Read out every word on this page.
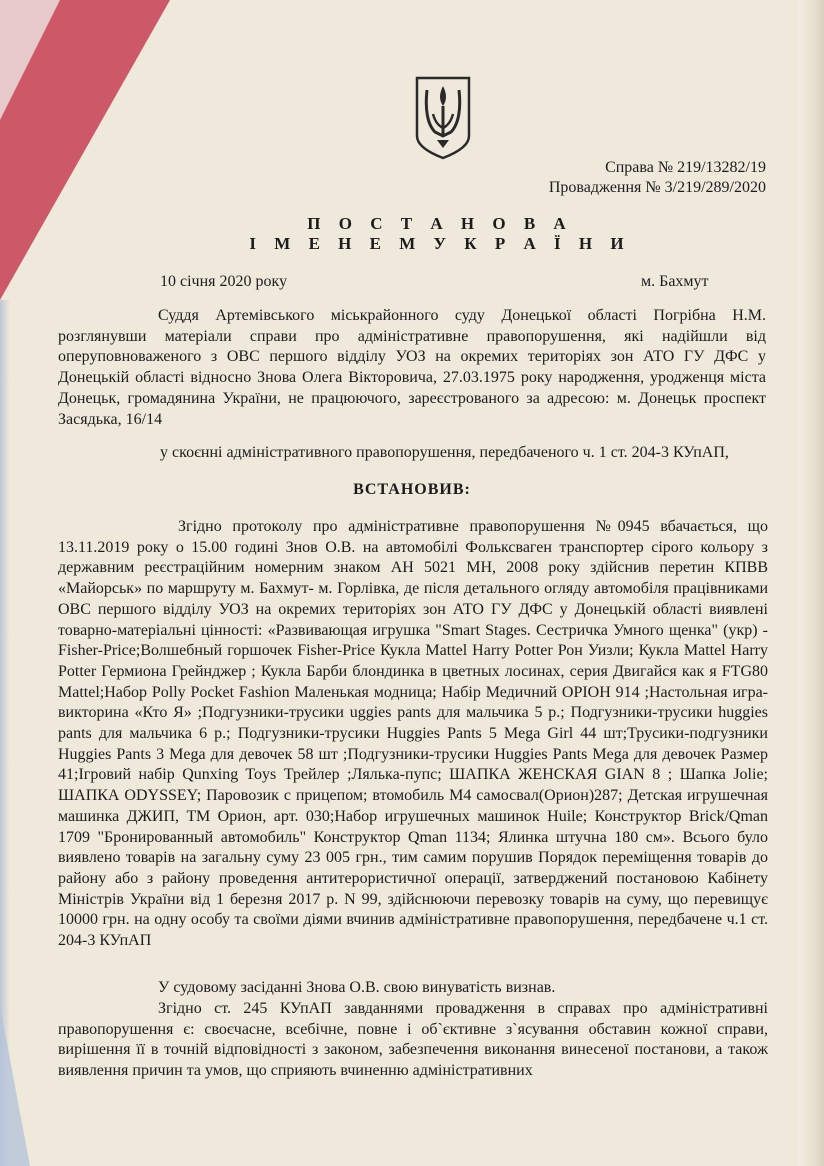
Справа № 219/13282/19
Провадження № 3/219/289/2020
П О С Т А Н О В А
І М Е Н Е М У К Р А Ї Н И
10 січня 2020 року	м. Бахмут
Суддя Артемівського міськрайонного суду Донецької області Погрібна Н.М. розглянувши матеріали справи про адміністративне правопорушення, які надійшли від оперуповноваженого з ОВС першого відділу УОЗ на окремих територіях зон АТО ГУ ДФС у Донецькій області відносно Знова Олега Вікторовича, 27.03.1975 року народження, уродженця міста Донецьк, громадянина України, не працюючого, зареєстрованого за адресою: м. Донецьк проспект Засядька, 16/14
у скоєнні адміністративного правопорушення, передбаченого ч. 1 ст. 204-3 КУпАП,
ВСТАНОВИВ:
Згідно протоколу про адміністративне правопорушення №0945 вбачається, що 13.11.2019 року о 15.00 годині Знов О.В. на автомобілі Фольксваген транспортер сірого кольору з державним реєстраційним номерним знаком АН 5021 МН, 2008 року здійснив перетин КПВВ «Майорськ» по маршруту м. Бахмут- м. Горлівка, де після детального огляду автомобіля працівниками ОВС першого відділу УОЗ на окремих територіях зон АТО ГУ ДФС у Донецькій області виявлені товарно-матеріальні цінності: «Развивающая игрушка "Smart Stages. Сестричка Умного щенка" (укр) - Fisher-Price;Волшебный горшочек Fisher-Price Кукла Mattel Harry Potter Рон Уизли; Кукла Mattel Harry Potter Гермиона Грейнджер ; Кукла Барби блондинка в цветных лосинах, серия Двигайся как я FTG80 Mattel;Набор Polly Pocket Fashion Маленькая модница; Набір Медичний ОРІОН 914 ;Настольная игра-викторина «Кто Я» ;Подгузники-трусики uggies pants для мальчика 5 р.; Подгузники-трусики huggies pants для мальчика 6 р.; Подгузники-трусики Huggies Pants 5 Mega Girl 44 шт;Трусики-подгузники Huggies Pants 3 Mega для девочек 58 шт ;Подгузники-трусики Huggies Pants Mega для девочек Размер 41;Ігровий набір Qunxing Toys Трейлер ;Лялька-пупс; ШАПКА ЖЕНСКАЯ GIAN 8 ; Шапка Jolie; ШАПКА ODYSSEY; Паровозик с прицепом; втомобиль M4 самосвал(Орион)287; Детская игрушечная машинка ДЖИП, ТМ Орион, арт. 030;Набор игрушечных машинок Huile; Конструктор Brick/Qman 1709 "Бронированный автомобиль" Конструктор Qman 1134; Ялинка штучна 180 см». Всього було виявлено товарів на загальну суму 23 005 грн., тим самим порушив Порядок переміщення товарів до району або з району проведення антитерористичної операції, затверджений постановою Кабінету Міністрів України від 1 березня 2017 р. N 99, здійснюючи перевозку товарів на суму, що перевищує 10000 грн. на одну особу та своїми діями вчинив адміністративне правопорушення, передбачене ч.1 ст. 204-3 КУпАП
У судовому засіданні Знова О.В. свою винуватість визнав.
Згідно ст. 245 КУпАП завданнями провадження в справах про адміністративні правопорушення є: своєчасне, всебічне, повне і об`єктивне з`ясування обставин кожної справи, вирішення її в точній відповідності з законом, забезпечення виконання винесеної постанови, а також виявлення причин та умов, що сприяють вчиненню адміністративних
